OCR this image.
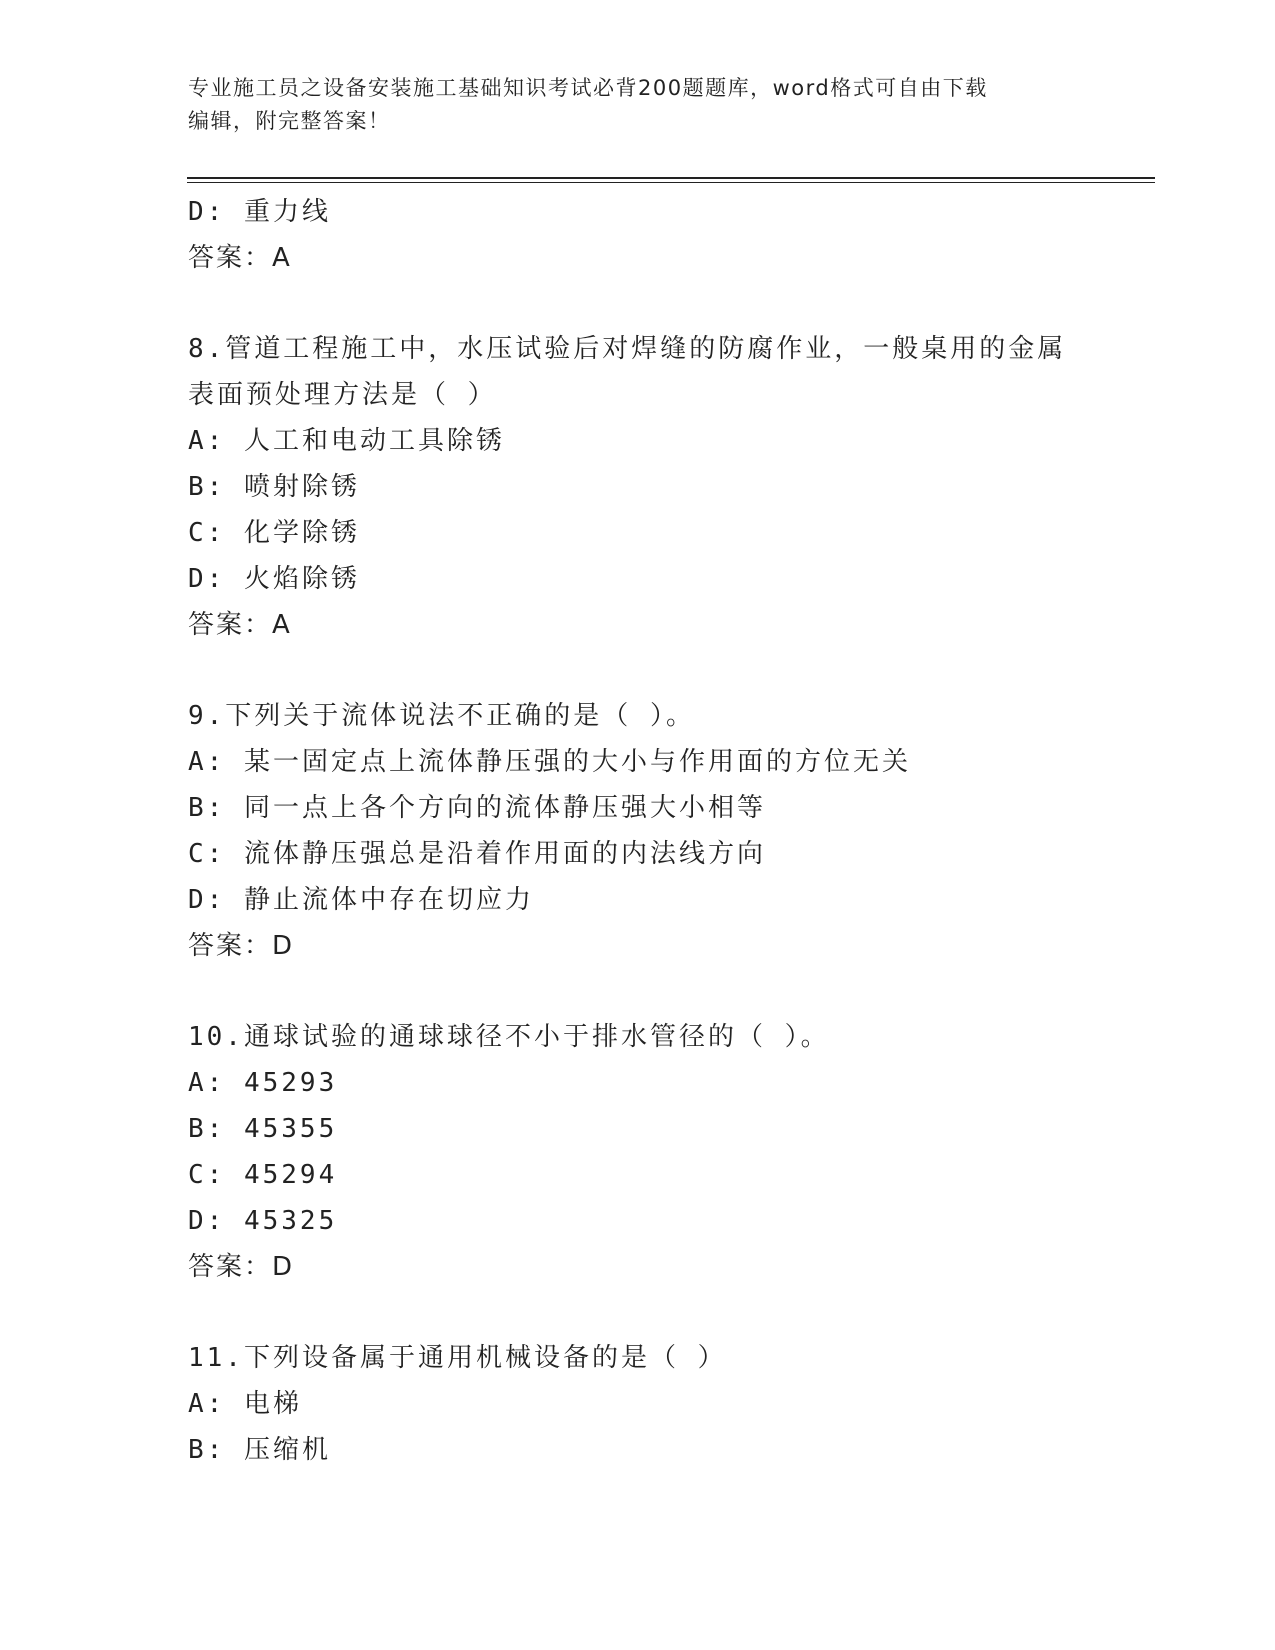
专业施工员之设备安装施工基础知识考试必背200题题库，word格式可自由下载
编辑，附完整答案！
D: 重力线
答案：A
8.管道工程施工中，水压试验后对焊缝的防腐作业，一般桌用的金属
表面预处理方法是（ ）
A: 人工和电动工具除锈
B: 喷射除锈
C: 化学除锈
D: 火焰除锈
答案：A
9.下列关于流体说法不正确的是（ ）。
A: 某一固定点上流体静压强的大小与作用面的方位无关
B: 同一点上各个方向的流体静压强大小相等
C: 流体静压强总是沿着作用面的内法线方向
D: 静止流体中存在切应力
答案：D
10.通球试验的通球球径不小于排水管径的（ ）。
A: 45293
B: 45355
C: 45294
D: 45325
答案：D
11.下列设备属于通用机械设备的是（ ）
A: 电梯
B: 压缩机
